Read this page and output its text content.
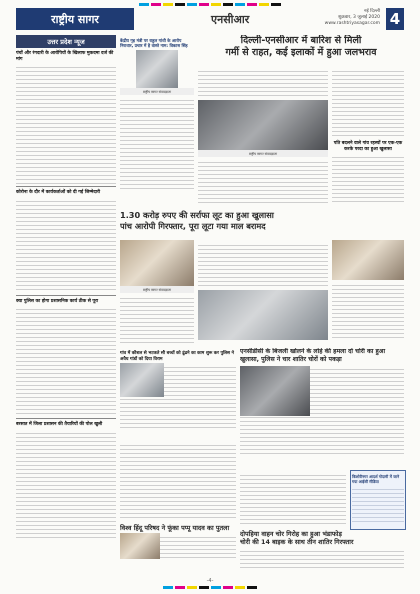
राष्ट्रीय सागर	एनसीआर
नई दिल्ली
शुक्रवार, 3 जुलाई 2020
www.rashtriyasagar.com 4
उत्तर प्रदेश न्यूज
पंचों और रंगदारी के आरोपियों के खिलाफ मुकदमा दर्ज की मांग
कोरोना के दौर में कार्यकर्ताओं को दी गई जिम्मेदारी
क्या पुलिस का होगा प्रशासनिक कार्य ठीक से पूरा
बरसात में जिला प्रशासन की तैयारियों की पोल खुली
केंद्रीय गृह मंत्री पर राहुल गांधी के आरोप निराधार, प्रचार में है वास्ते नाम: विकास सिंह
राष्ट्रीय सागर संवाददाता
दिल्ली-एनसीआर में बारिश से मिली
गर्मी से राहत, कई इलाकों में हुआ जलभराव
राष्ट्रीय सागर संवाददाता
पति बदलने वाले गांव रहस्यों पर एक-एक करके परदा का हुआ खुलासा
1.30 करोड़ रुपए की सर्राफा लूट का हुआ खुलासा
पांच आरोपी गिरफ्तार, पूरा लूटा गया माल बरामद
राष्ट्रीय सागर संवाददाता
गांव में कौशल से भटकते सौ बच्चों को ढूंढने का काम शुरू कर पुलिस ने अवैध गांडों को दिया विराम
एनसीडीसी के बिजली खोलने के लोहे की हमला दो चोरी का हुआ खुलासा, पुलिस ने चार शातिर चोरों को पकड़ा
किशोरीनगर आदर्श गोदामी में जाने गया आईसी मीडिया
विश्व हिंदू परिषद ने फूंका पप्पू यादव का पुतला
दोपहिया वाहन चोर गिरोह का हुआ भंडाफोड़
चोरी की 14 बाइक के साथ तीन शातिर गिरफ्तार
-4-
